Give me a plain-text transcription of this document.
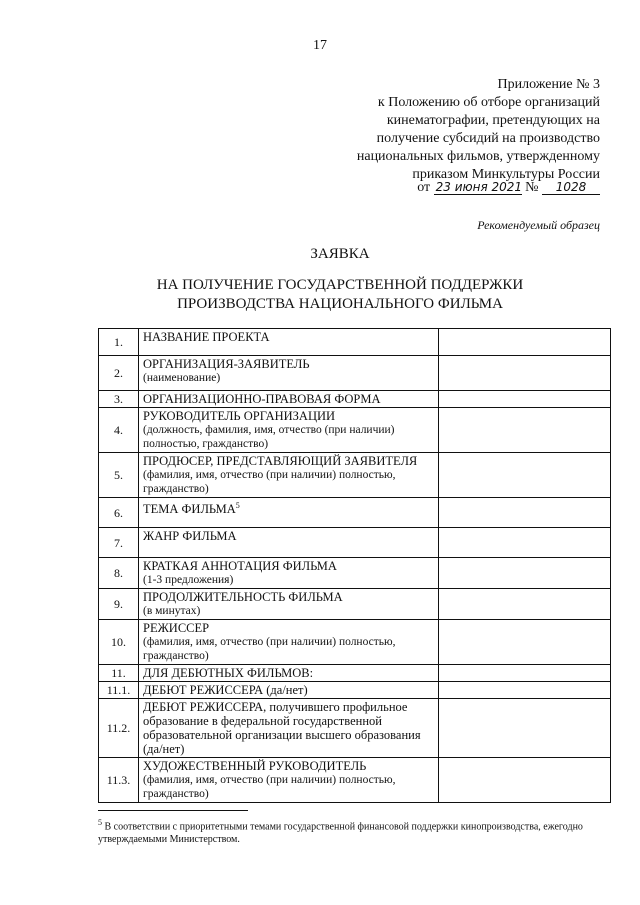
17
Приложение № 3
к Положению об отборе организаций
кинематографии, претендующих на
получение субсидий на производство
национальных фильмов, утвержденному
приказом Минкультуры России
от 23 июня 2021 № 1028
Рекомендуемый образец
ЗАЯВКА
НА ПОЛУЧЕНИЕ ГОСУДАРСТВЕННОЙ ПОДДЕРЖКИ
ПРОИЗВОДСТВА НАЦИОНАЛЬНОГО ФИЛЬМА
1.	НАЗВАНИЕ ПРОЕКТА	

2.	ОРГАНИЗАЦИЯ-ЗАЯВИТЕЛЬ
(наименование)	

3.	ОРГАНИЗАЦИОННО-ПРАВОВАЯ ФОРМА	

4.	РУКОВОДИТЕЛЬ ОРГАНИЗАЦИИ
(должность, фамилия, имя, отчество (при наличии) полностью, гражданство)	

5.	ПРОДЮСЕР, ПРЕДСТАВЛЯЮЩИЙ ЗАЯВИТЕЛЯ
(фамилия, имя, отчество (при наличии) полностью, гражданство)	

6.	ТЕМА ФИЛЬМА$^5$

7.	ЖАНР ФИЛЬМА	

8.	КРАТКАЯ АННОТАЦИЯ ФИЛЬМА
(1-3 предложения)	

9.	ПРОДОЛЖИТЕЛЬНОСТЬ ФИЛЬМА
(в минутах)	

10.	РЕЖИССЕР
(фамилия, имя, отчество (при наличии) полностью, гражданство)	

11.	ДЛЯ ДЕБЮТНЫХ ФИЛЬМОВ:	

11.1.	ДЕБЮТ РЕЖИССЕРА (да/нет)	

11.2.	ДЕБЮТ РЕЖИССЕРА, получившего профильное образование в федеральной государственной образовательной организации высшего образования (да/нет)	

11.3.	ХУДОЖЕСТВЕННЫЙ РУКОВОДИТЕЛЬ
(фамилия, имя, отчество (при наличии) полностью, гражданство)	

$^5$ В соответствии с приоритетными темами государственной финансовой поддержки кинопроизводства, ежегодно утверждаемыми Министерством.
